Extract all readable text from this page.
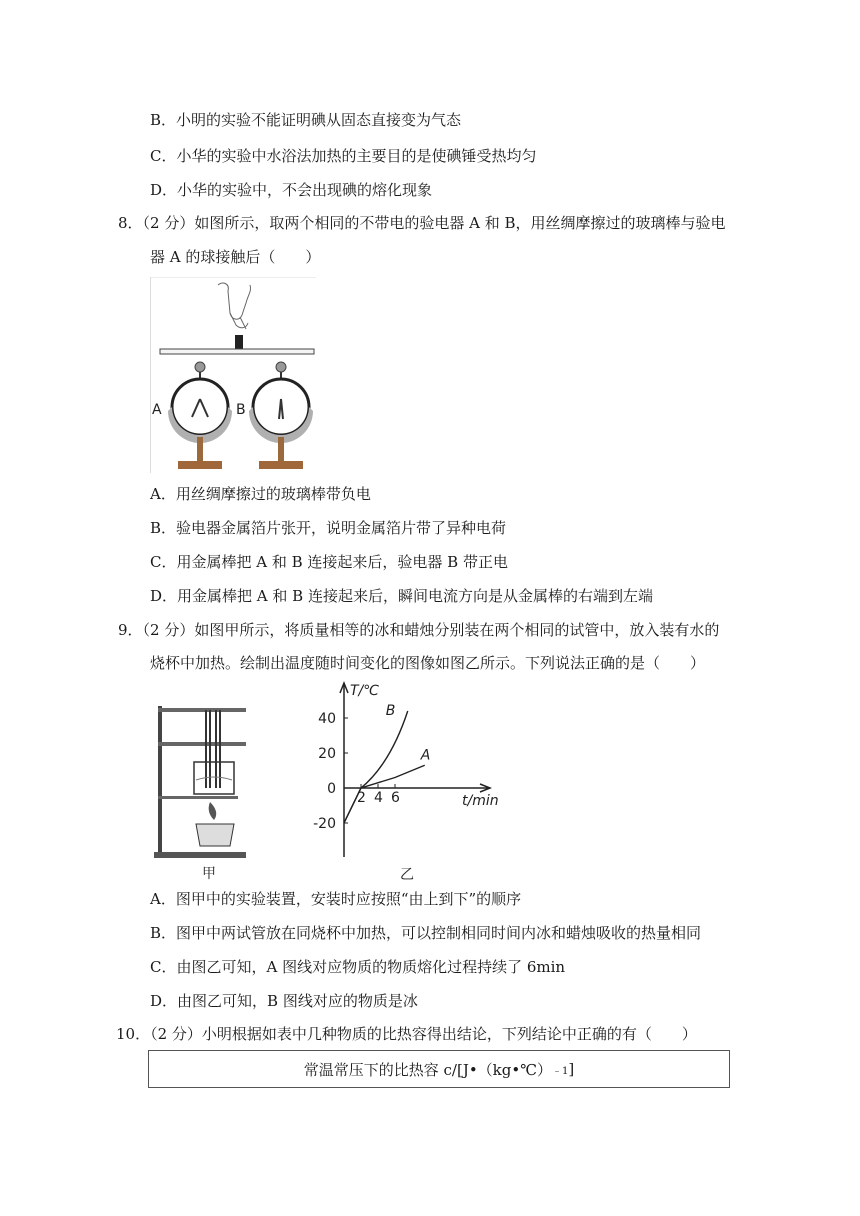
B．小明的实验不能证明碘从固态直接变为气态
C．小华的实验中水浴法加热的主要目的是使碘锤受热均匀
D．小华的实验中，不会出现碘的熔化现象
8．（2 分）如图所示，取两个相同的不带电的验电器 A 和 B，用丝绸摩擦过的玻璃棒与验电
器 A 的球接触后（　　）
A	B
A．用丝绸摩擦过的玻璃棒带负电
B．验电器金属箔片张开，说明金属箔片带了异种电荷
C．用金属棒把 A 和 B 连接起来后，验电器 B 带正电
D．用金属棒把 A 和 B 连接起来后，瞬间电流方向是从金属棒的右端到左端
9．（2 分）如图甲所示，将质量相等的冰和蜡烛分别装在两个相同的试管中，放入装有水的
烧杯中加热。绘制出温度随时间变化的图像如图乙所示。下列说法正确的是（　　）
甲
T/℃
t/min
2 4 6
40
20
0
-20
A
B
乙
A．图甲中的实验装置，安装时应按照“由上到下”的顺序
B．图甲中两试管放在同烧杯中加热，可以控制相同时间内冰和蜡烛吸收的热量相同
C．由图乙可知，A 图线对应物质的物质熔化过程持续了 6min
D．由图乙可知，B 图线对应的物质是冰
10．（2 分）小明根据如表中几种物质的比热容得出结论，下列结论中正确的有（　　）
常温常压下的比热容 c/[J•（kg•℃） ﹣1 ]
